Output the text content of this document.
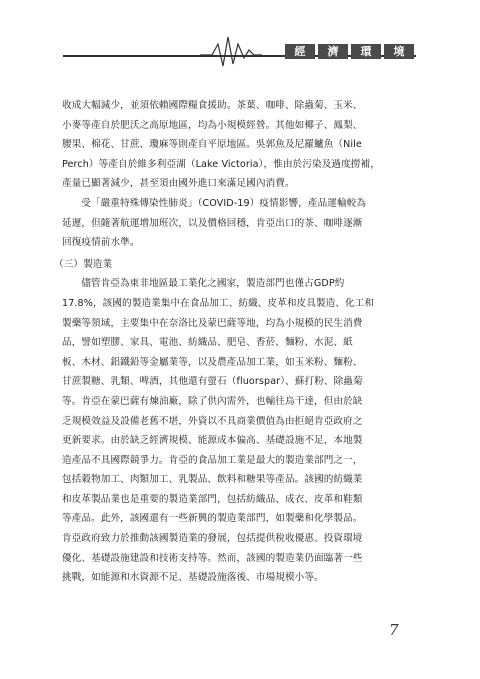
經	濟	環	境
收成大幅減少，並須依賴國際糧食援助。茶葉、咖啡、除蟲菊、玉米、
小麥等產自於肥沃之高原地區，均為小規模經營。其他如椰子、鳳梨、
腰果、棉花、甘蔗、瓊麻等則產自平原地區。吳郭魚及尼羅鱸魚（Nile
Perch）等產自於維多利亞湖（Lake Victoria），惟由於污染及過度撈補，
產量已顯著減少，甚至須由國外進口來滿足國內消費。
受「嚴重特殊傳染性肺炎」（COVID-19）疫情影響，產品運輸較為
延遲，但隨著航運增加班次，以及價格回穩，肯亞出口的茶、咖啡逐漸
回復疫情前水準。
（三）製造業
儘管肯亞為東非地區最工業化之國家，製造部門也僅占GDP約
17.8%，該國的製造業集中在食品加工、紡織、皮革和皮具製造、化工和
製藥等領域，主要集中在奈洛比及蒙巴薩等地，均為小規模的民生消費
品，譬如塑膠、家具、電池、紡織品、肥皂、香菸、麵粉、水泥、紙
板、木材、鋁鐵鉛等金屬業等，以及農產品加工業，如玉米粉、麵粉、
甘蔗製糖、乳類、啤酒，其他還有螢石（fluorspar）、蘇打粉、除蟲菊
等。肯亞在蒙巴薩有煉油廠，除了供內需外，也輸往烏干達，但由於缺
乏規模效益及設備老舊不堪，外資以不具商業價值為由拒絕肯亞政府之
更新要求。由於缺乏經濟規模、能源成本偏高、基礎設施不足，本地製
造產品不具國際競爭力。肯亞的食品加工業是最大的製造業部門之一，
包括穀物加工、肉類加工、乳製品、飲料和糖果等產品。該國的紡織業
和皮革製品業也是重要的製造業部門，包括紡織品、成衣、皮革和鞋類
等產品。此外，該國還有一些新興的製造業部門，如製藥和化學製品。
肯亞政府致力於推動該國製造業的發展，包括提供稅收優惠、投資環境
優化、基礎設施建設和技術支持等。然而，該國的製造業仍面臨著一些
挑戰，如能源和水資源不足、基礎設施落後、市場規模小等。
7
